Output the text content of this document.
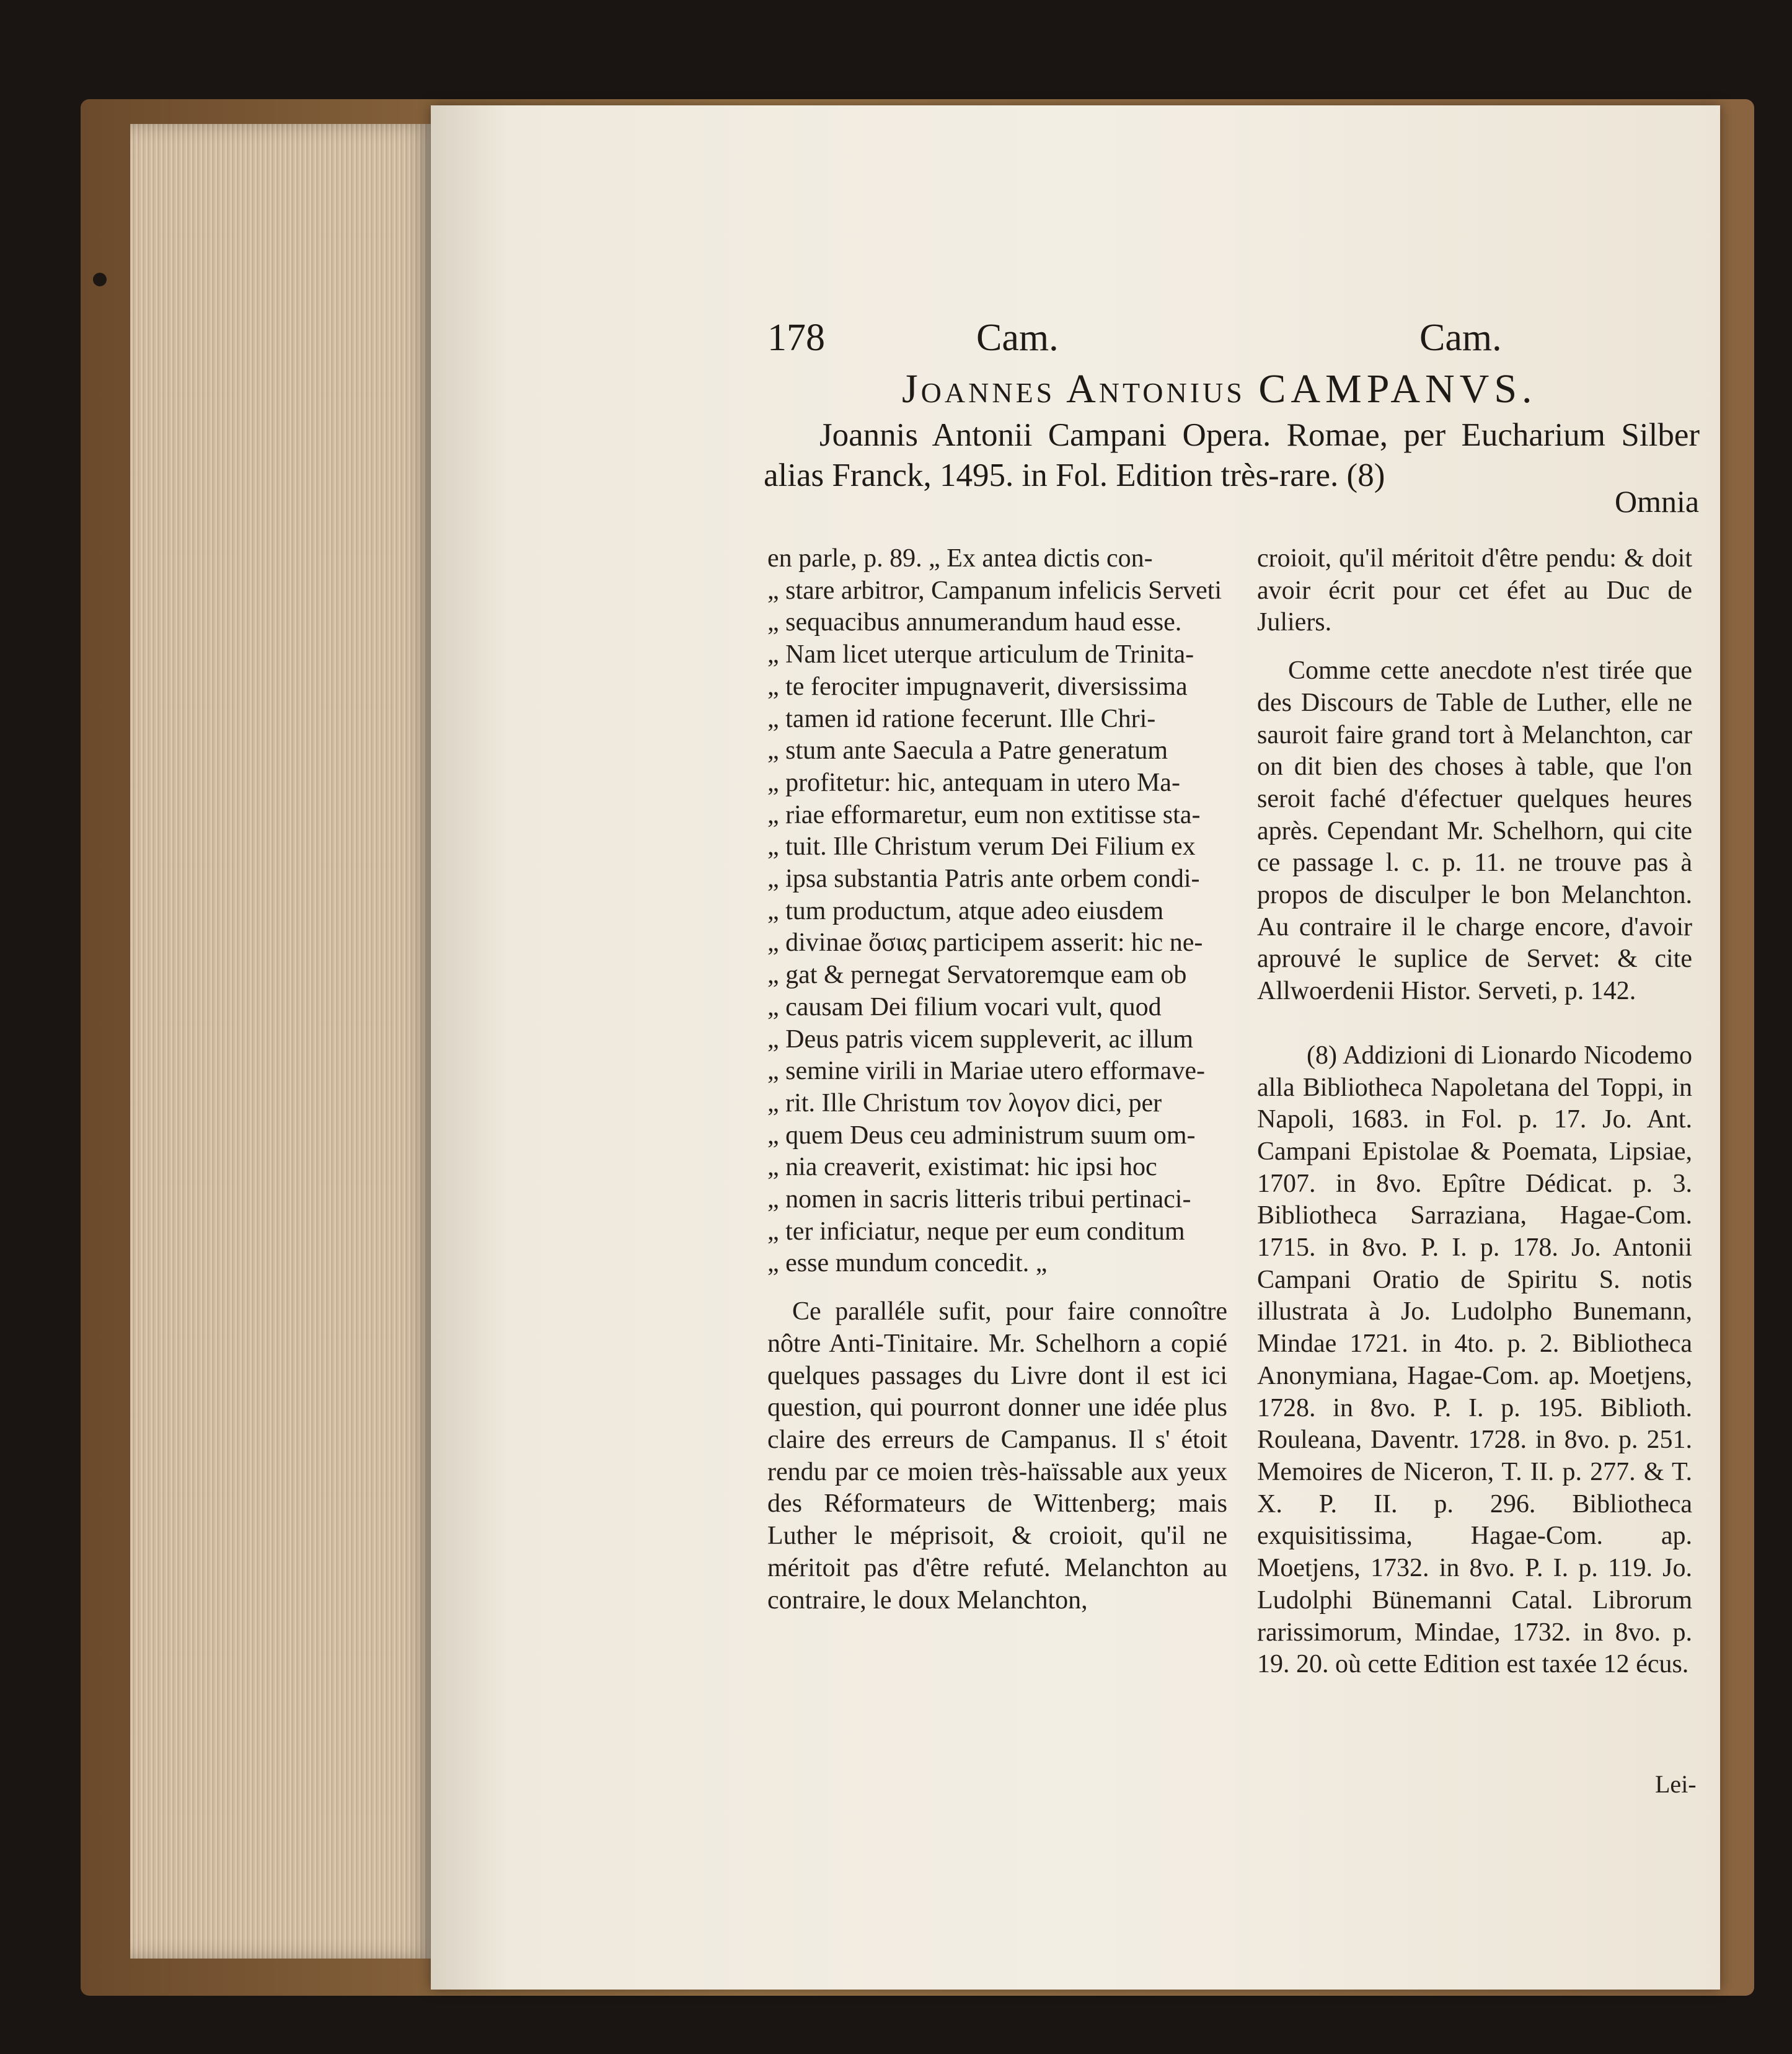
178	Cam.	Cam.
Joannes Antonius CAMPANVS.
Joannis Antonii Campani Opera. Romae, per Eucharium Silber alias Franck, 1495. in Fol. Edition très-rare. (8)
Omnia
en parle, p. 89. „ Ex antea dictis con-
„ stare arbitror, Campanum infelicis Serveti
„ sequacibus annumerandum haud esse.
„ Nam licet uterque articulum de Trinita-
„ te ferociter impugnaverit, diversissima
„ tamen id ratione fecerunt. Ille Chri-
„ stum ante Saecula a Patre generatum
„ profitetur: hic, antequam in utero Ma-
„ riae efformaretur, eum non extitisse sta-
„ tuit. Ille Christum verum Dei Filium ex
„ ipsa substantia Patris ante orbem condi-
„ tum productum, atque adeo eiusdem
„ divinae ὄσιας participem asserit: hic ne-
„ gat & pernegat Servatoremque eam ob
„ causam Dei filium vocari vult, quod
„ Deus patris vicem suppleverit, ac illum
„ semine virili in Mariae utero efformave-
„ rit. Ille Christum τον λογον dici, per
„ quem Deus ceu administrum suum om-
„ nia creaverit, existimat: hic ipsi hoc
„ nomen in sacris litteris tribui pertinaci-
„ ter inficiatur, neque per eum conditum
„ esse mundum concedit. „

Ce paralléle sufit, pour faire connoître nôtre Anti-Tinitaire. Mr. Schelhorn a copié quelques passages du Livre dont il est ici question, qui pourront donner une idée plus claire des erreurs de Campanus. Il s' étoit rendu par ce moien très-haïssable aux yeux des Réformateurs de Wittenberg; mais Luther le méprisoit, & croioit, qu'il ne méritoit pas d'être refuté. Melanchton au contraire, le doux Melanchton,

croioit, qu'il méritoit d'être pendu: & doit avoir écrit pour cet éfet au Duc de Juliers.

Comme cette anecdote n'est tirée que des Discours de Table de Luther, elle ne sauroit faire grand tort à Melanchton, car on dit bien des choses à table, que l'on seroit faché d'éfectuer quelques heures après. Cependant Mr. Schelhorn, qui cite ce passage l. c. p. 11. ne trouve pas à propos de disculper le bon Melanchton. Au contraire il le charge encore, d'avoir aprouvé le suplice de Servet: & cite Allwoerdenii Histor. Serveti, p. 142.

(8) Addizioni di Lionardo Nicodemo alla Bibliotheca Napoletana del Toppi, in Napoli, 1683. in Fol. p. 17. Jo. Ant. Campani Epistolae & Poemata, Lipsiae, 1707. in 8vo. Epître Dédicat. p. 3. Bibliotheca Sarraziana, Hagae-Com. 1715. in 8vo. P. I. p. 178. Jo. Antonii Campani Oratio de Spiritu S. notis illustrata à Jo. Ludolpho Bunemann, Mindae 1721. in 4to. p. 2. Bibliotheca Anonymiana, Hagae-Com. ap. Moetjens, 1728. in 8vo. P. I. p. 195. Biblioth. Rouleana, Daventr. 1728. in 8vo. p. 251. Memoires de Niceron, T. II. p. 277. & T. X. P. II. p. 296. Bibliotheca exquisitissima, Hagae-Com. ap. Moetjens, 1732. in 8vo. P. I. p. 119. Jo. Ludolphi Bünemanni Catal. Librorum rarissimorum, Mindae, 1732. in 8vo. p. 19. 20. où cette Edition est taxée 12 écus.

Lei-
